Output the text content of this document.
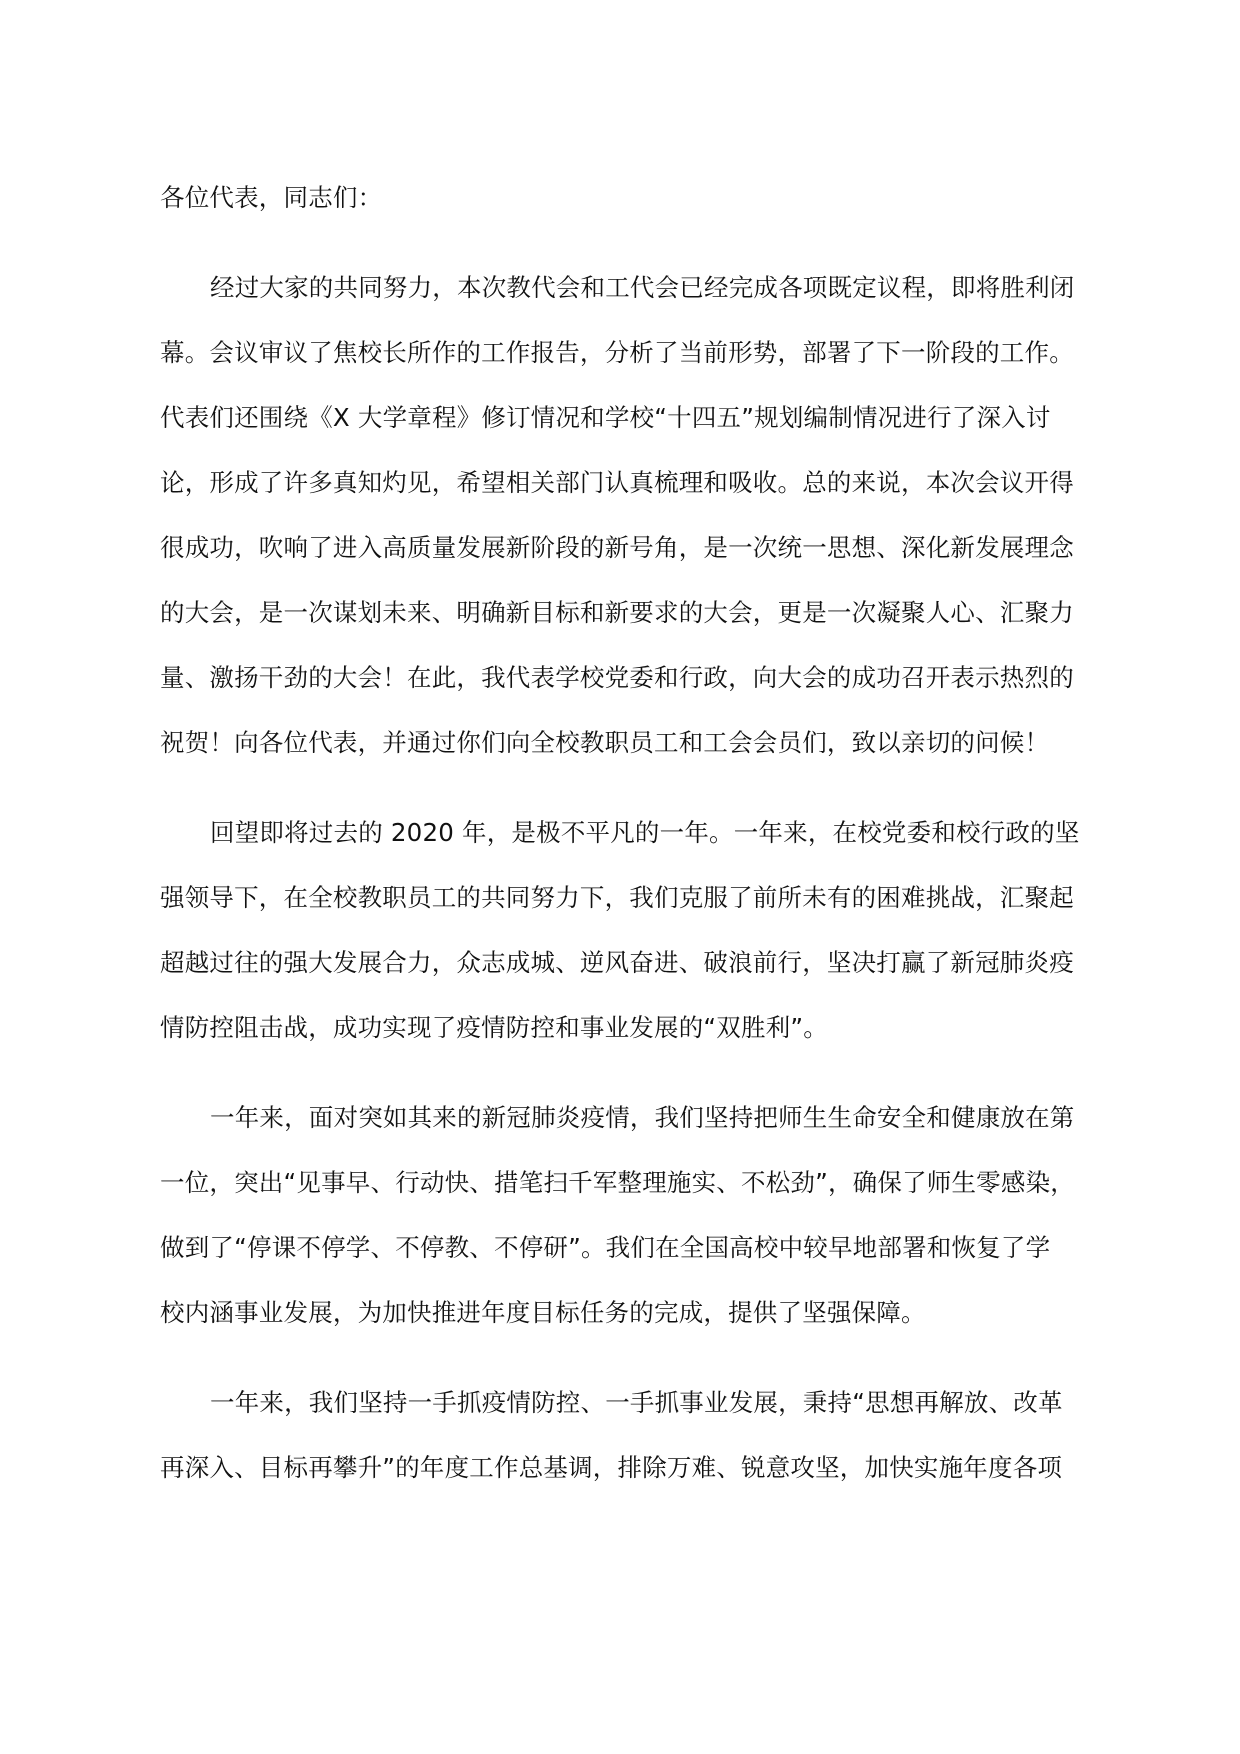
各位代表，同志们：
经过大家的共同努力，本次教代会和工代会已经完成各项既定议程，即将胜利闭
幕。会议审议了焦校长所作的工作报告，分析了当前形势，部署了下一阶段的工作。
代表们还围绕《X 大学章程》修订情况和学校“十四五”规划编制情况进行了深入讨
论，形成了许多真知灼见，希望相关部门认真梳理和吸收。总的来说，本次会议开得
很成功，吹响了进入高质量发展新阶段的新号角，是一次统一思想、深化新发展理念
的大会，是一次谋划未来、明确新目标和新要求的大会，更是一次凝聚人心、汇聚力
量、激扬干劲的大会！在此，我代表学校党委和行政，向大会的成功召开表示热烈的
祝贺！向各位代表，并通过你们向全校教职员工和工会会员们，致以亲切的问候！
回望即将过去的 2020 年，是极不平凡的一年。一年来，在校党委和校行政的坚
强领导下，在全校教职员工的共同努力下，我们克服了前所未有的困难挑战，汇聚起
超越过往的强大发展合力，众志成城、逆风奋进、破浪前行，坚决打赢了新冠肺炎疫
情防控阻击战，成功实现了疫情防控和事业发展的“双胜利”。
一年来，面对突如其来的新冠肺炎疫情，我们坚持把师生生命安全和健康放在第
一位，突出“见事早、行动快、措笔扫千军整理施实、不松劲”，确保了师生零感染，
做到了“停课不停学、不停教、不停研”。我们在全国高校中较早地部署和恢复了学
校内涵事业发展，为加快推进年度目标任务的完成，提供了坚强保障。
一年来，我们坚持一手抓疫情防控、一手抓事业发展，秉持“思想再解放、改革
再深入、目标再攀升”的年度工作总基调，排除万难、锐意攻坚，加快实施年度各项
